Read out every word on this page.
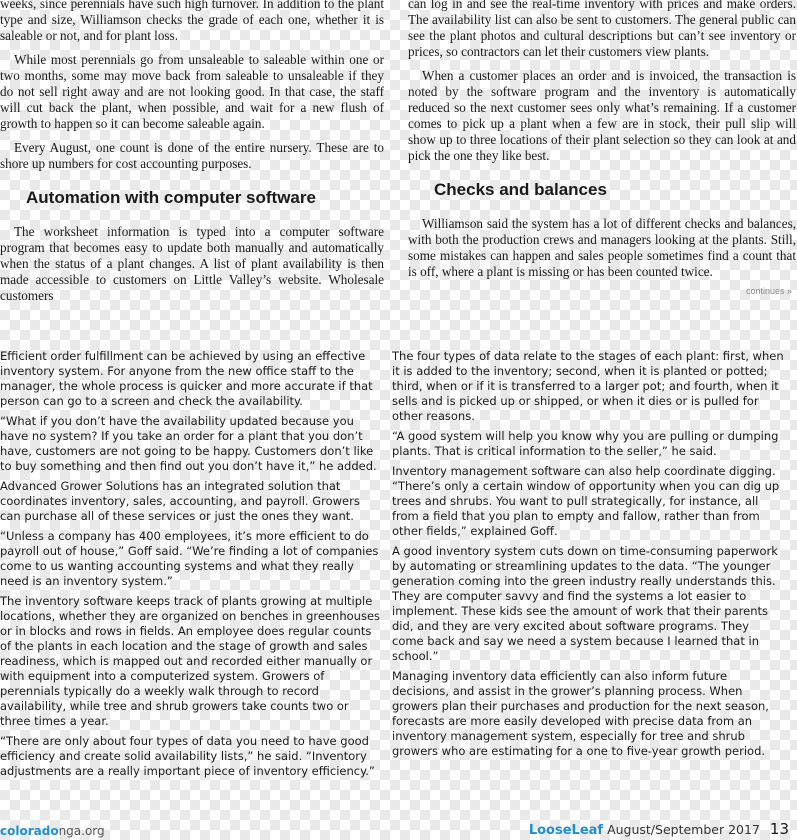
weeks, since perennials have such high turnover. In addition to the plant type and size, Williamson checks the grade of each one, whether it is saleable or not, and for plant loss.

While most perennials go from unsaleable to saleable within one or two months, some may move back from saleable to unsaleable if they do not sell right away and are not looking good. In that case, the staff will cut back the plant, when possible, and wait for a new flush of growth to happen so it can become saleable again.

Every August, one count is done of the entire nursery. These are to shore up numbers for cost accounting purposes.

Automation with computer software

The worksheet information is typed into a computer software program that becomes easy to update both manually and automatically when the status of a plant changes. A list of plant availability is then made accessible to customers on Little Valley’s website. Wholesale customers

can log in and see the real-time inventory with prices and make orders. The availability list can also be sent to customers. The general public can see the plant photos and cultural descriptions but can’t see inventory or prices, so contractors can let their customers view plants.

When a customer places an order and is invoiced, the transaction is noted by the software program and the inventory is automatically reduced so the next customer sees only what’s remaining. If a customer comes to pick up a plant when a few are in stock, their pull slip will show up to three locations of their plant selection so they can look at and pick the one they like best.

Checks and balances

Williamson said the system has a lot of different checks and balances, with both the production crews and managers looking at the plants. Still, some mistakes can happen and sales people sometimes find a count that is off, where a plant is missing or has been counted twice.

continues »

Efficient order fulfillment can be achieved by using an effective inventory system. For anyone from the new office staff to the manager, the whole process is quicker and more accurate if that person can go to a screen and check the availability.

“What if you don’t have the availability updated because you have no system? If you take an order for a plant that you don’t have, customers are not going to be happy. Customers don’t like to buy something and then find out you don’t have it,” he added.

Advanced Grower Solutions has an integrated solution that coordinates inventory, sales, accounting, and payroll. Growers can purchase all of these services or just the ones they want.

“Unless a company has 400 employees, it’s more efficient to do payroll out of house,” Goff said. “We’re finding a lot of companies come to us wanting accounting systems and what they really need is an inventory system.”

The inventory software keeps track of plants growing at multiple locations, whether they are organized on benches in greenhouses or in blocks and rows in fields. An employee does regular counts of the plants in each location and the stage of growth and sales readiness, which is mapped out and recorded either manually or with equipment into a computerized system. Growers of perennials typically do a weekly walk through to record availability, while tree and shrub growers take counts two or three times a year.

“There are only about four types of data you need to have good efficiency and create solid availability lists,” he said. “Inventory adjustments are a really important piece of inventory efficiency.”

The four types of data relate to the stages of each plant: first, when it is added to the inventory; second, when it is planted or potted; third, when or if it is transferred to a larger pot; and fourth, when it sells and is picked up or shipped, or when it dies or is pulled for other reasons.

“A good system will help you know why you are pulling or dumping plants. That is critical information to the seller,” he said.

Inventory management software can also help coordinate digging. “There’s only a certain window of opportunity when you can dig up trees and shrubs. You want to pull strategically, for instance, all from a field that you plan to empty and fallow, rather than from other fields,” explained Goff.

A good inventory system cuts down on time-consuming paperwork by automating or streamlining updates to the data. “The younger generation coming into the green industry really understands this. They are computer savvy and find the systems a lot easier to implement. These kids see the amount of work that their parents did, and they are very excited about software programs. They come back and say we need a system because I learned that in school.”

Managing inventory data efficiently can also inform future decisions, and assist in the grower’s planning process. When growers plan their purchases and production for the next season, forecasts are more easily developed with precise data from an inventory management system, especially for tree and shrub growers who are estimating for a one to five-year growth period.

coloradonga.org	LooseLeaf August/September 2017 13
